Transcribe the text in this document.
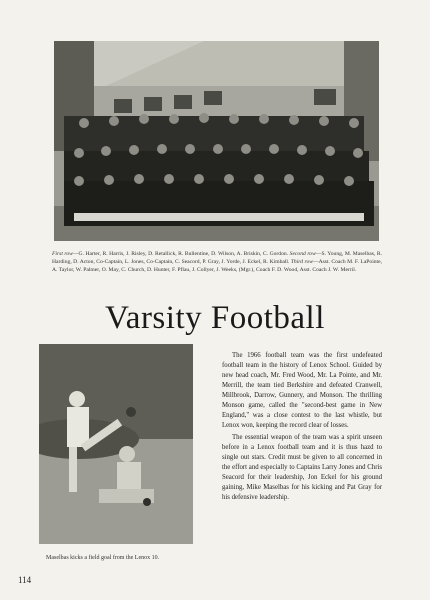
First row—G. Harter, R. Harris, J. Risley, D. Retallick, R. Bullentine, D. Wilson, A. Briskin, C. Gordon. Second row—S. Young, M. Maselbas, R. Harding, D. Acton, Co-Captain, L. Jones, Co-Captain, C. Seacord, P. Gray, J. Yorde, J. Eckel, R. Kimball. Third row—Asst. Coach M. F. LaPointe, A. Taylor, W. Palmer, O. May, C. Church, D. Hunter, F. Pflau, J. Collyer, J. Weeks, (Mgr.), Coach F. D. Wood, Asst. Coach J. W. Merril.
Varsity Football
Maselbas kicks a field goal from the Lenox 10.

The 1966 football team was the first undefeated football team in the history of Lenox School. Guided by new head coach, Mr. Fred Wood, Mr. La Pointe, and Mr. Merrill, the team tied Berkshire and defeated Cranwell, Millbrook, Darrow, Gunnery, and Monson. The thrilling Monson game, called the "second-best game in New England," was a close contest to the last whistle, but Lenox won, keeping the record clear of losses.

The essential weapon of the team was a spirit unseen before in a Lenox football team and it is thus hazd to single out stars. Credit must be given to all concerned in the effort and especially to Captains Larry Jones and Chris Seacord for their leadership, Jon Eckel for his ground gaining, Mike Maselbas for his kicking and Pat Gray for his defensive leadership.

114
